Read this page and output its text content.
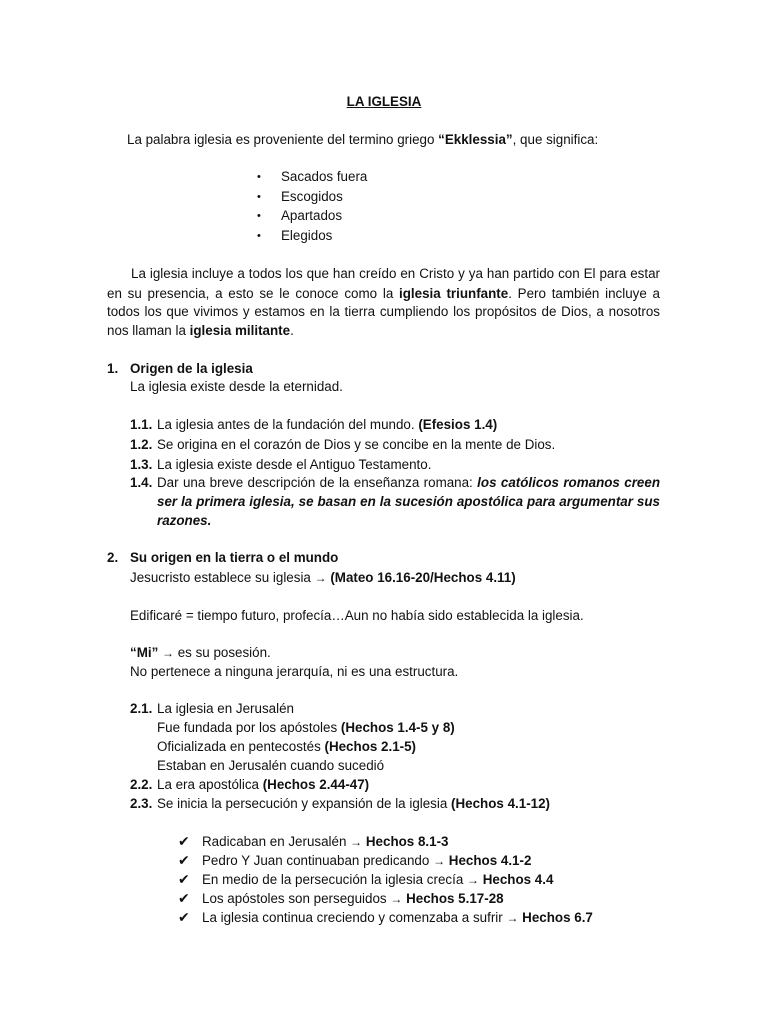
LA IGLESIA
La palabra iglesia es proveniente del termino griego “Ekklessia”, que significa:
• Sacados fuera
• Escogidos
• Apartados
• Elegidos
La iglesia incluye a todos los que han creído en Cristo y ya han partido con El para estar
en su presencia, a esto se le conoce como la iglesia triunfante. Pero también incluye a
todos los que vivimos y estamos en la tierra cumpliendo los propósitos de Dios, a nosotros
nos llaman la iglesia militante.
1. Origen de la iglesia
La iglesia existe desde la eternidad.
1.1. La iglesia antes de la fundación del mundo. (Efesios 1.4)
1.2. Se origina en el corazón de Dios y se concibe en la mente de Dios.
1.3. La iglesia existe desde el Antiguo Testamento.
1.4. Dar una breve descripción de la enseñanza romana: los católicos romanos creen
ser la primera iglesia, se basan en la sucesión apostólica para argumentar sus
razones.
2. Su origen en la tierra o el mundo
Jesucristo establece su iglesia → (Mateo 16.16-20/Hechos 4.11)
Edificaré = tiempo futuro, profecía…Aun no había sido establecida la iglesia.
“Mi” → es su posesión.
No pertenece a ninguna jerarquía, ni es una estructura.
2.1. La iglesia en Jerusalén
Fue fundada por los apóstoles (Hechos 1.4-5 y 8)
Oficializada en pentecostés (Hechos 2.1-5)
Estaban en Jerusalén cuando sucedió
2.2. La era apostólica (Hechos 2.44-47)
2.3. Se inicia la persecución y expansión de la iglesia (Hechos 4.1-12)
✔ Radicaban en Jerusalén → Hechos 8.1-3
✔ Pedro Y Juan continuaban predicando → Hechos 4.1-2
✔ En medio de la persecución la iglesia crecía → Hechos 4.4
✔ Los apóstoles son perseguidos → Hechos 5.17-28
✔ La iglesia continua creciendo y comenzaba a sufrir → Hechos 6.7
